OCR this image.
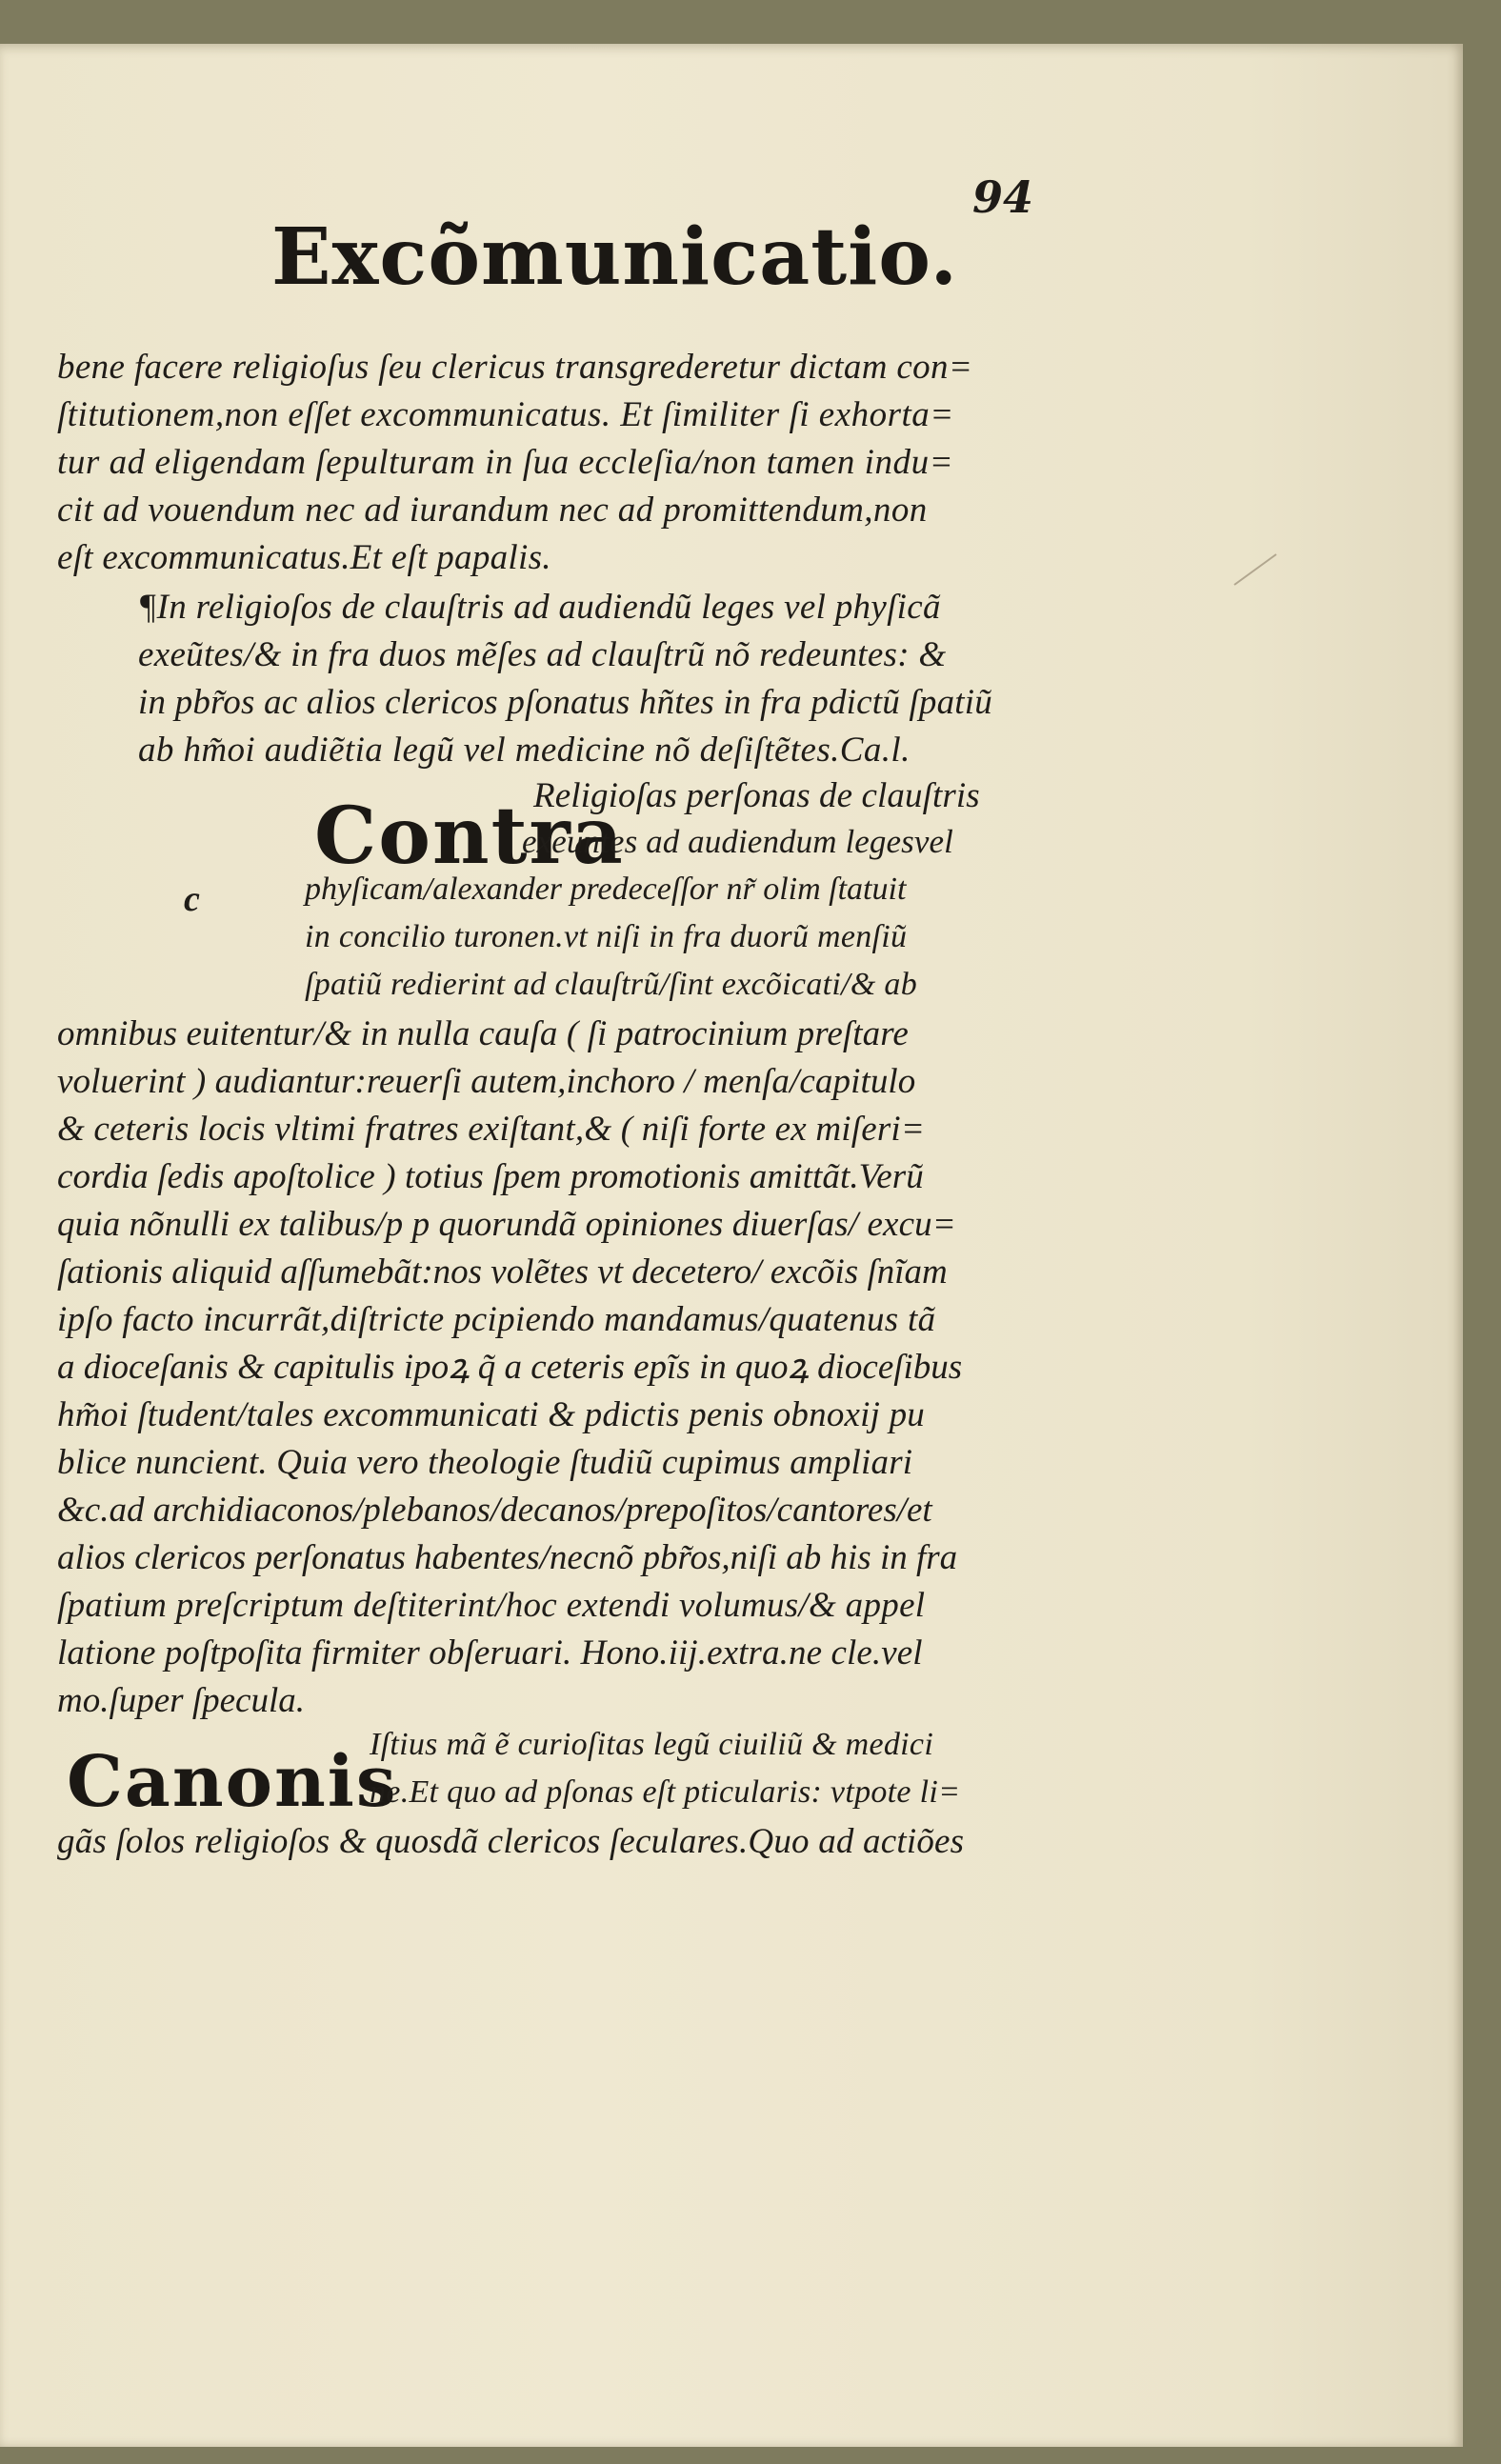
94
Excõmunicatio.
bene facere religioſus ſeu clericus transgrederetur dictam con=
ſtitutionem,non eſſet excommunicatus. Et ſimiliter ſi exhorta=
tur ad eligendam ſepulturam in ſua eccleſia/non tamen indu=
cit ad vouendum nec ad iurandum nec ad promittendum,non
eſt excommunicatus.Et eſt papalis.
¶In religioſos de clauſtris ad audiendũ leges vel phyſicã
exeũtes/& in fra duos mẽſes ad clauſtrũ nõ redeuntes: &
in pbr̃os ac alios clericos pſonatus hñtes in fra pdictũ ſpatiũ
ab hm̃oi audiẽtia legũ vel medicine nõ deſiſtẽtes.Ca.l.
Contra
c
Religioſas perſonas de clauſtris
exeuntes ad audiendum legesvel
phyſicam/alexander predeceſſor nr̃ olim ſtatuit
in concilio turonen.vt niſi in fra duorũ menſiũ
ſpatiũ redierint ad clauſtrũ/ſint excõicati/& ab
omnibus euitentur/& in nulla cauſa ( ſi patrocinium preſtare
voluerint ) audiantur:reuerſi autem,inchoro / menſa/capitulo
& ceteris locis vltimi fratres exiſtant,& ( niſi forte ex miſeri=
cordia ſedis apoſtolice ) totius ſpem promotionis amittãt.Verũ
quia nõnulli ex talibus/p p quorundã opiniones diuerſas/ excu=
ſationis aliquid aſſumebãt:nos volẽtes vt decetero/ excõis ſnĩam
ipſo facto incurrãt,diſtricte pcipiendo mandamus/quatenus tã
a dioceſanis & capitulis ipoꝝ q̃ a ceteris epĩs in quoꝝ dioceſibus
hm̃oi ſtudent/tales excommunicati & pdictis penis obnoxij pu
blice nuncient. Quia vero theologie ſtudiũ cupimus ampliari
&c.ad archidiaconos/plebanos/decanos/prepoſitos/cantores/et
alios clericos perſonatus habentes/necnõ pbr̃os,niſi ab his in fra
ſpatium preſcriptum deſtiterint/hoc extendi volumus/& appel
latione poſtpoſita firmiter obſeruari. Hono.iij.extra.ne cle.vel
mo.ſuper ſpecula.
Canonis
Iſtius mã ẽ curioſitas legũ ciuiliũ & medici
ne.Et quo ad pſonas eſt pticularis: vtpote li=
gãs ſolos religioſos & quosdã clericos ſeculares.Quo ad actiões
